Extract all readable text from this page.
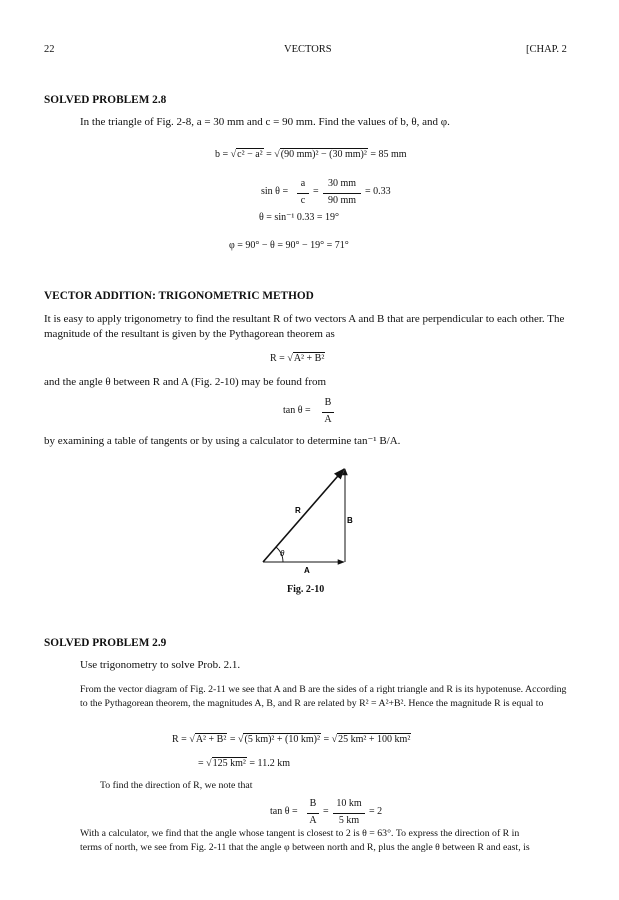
22	VECTORS	[CHAP. 2
SOLVED PROBLEM 2.8
In the triangle of Fig. 2-8, a = 30 mm and c = 90 mm. Find the values of b, θ, and φ.
b = √c² − a² = √(90 mm)² − (30 mm)² = 85 mm
sin θ =
a
c
=
30 mm
90 mm
= 0.33
θ = sin⁻¹ 0.33 = 19°
φ = 90° − θ = 90° − 19° = 71°
VECTOR ADDITION: TRIGONOMETRIC METHOD

It is easy to apply trigonometry to find the resultant R of two vectors A and B that are perpendicular to each other. The magnitude of the resultant is given by the Pythagorean theorem as

R = √A² + B²
and the angle θ between R and A (Fig. 2-10) may be found from
tan θ =
B
A
by examining a table of tangents or by using a calculator to determine tan⁻¹ B/A.
R
B
A
θ
Fig. 2-10
SOLVED PROBLEM 2.9
Use trigonometry to solve Prob. 2.1.

From the vector diagram of Fig. 2-11 we see that A and B are the sides of a right triangle and R is its hypotenuse. According to the Pythagorean theorem, the magnitudes A, B, and R are related by R² = A²+B². Hence the magnitude R is equal to

R = √A² + B² = √(5 km)² + (10 km)² = √25 km² + 100 km²
= √125 km² = 11.2 km
To find the direction of R, we note that
tan θ =
B
A
=
10 km
5 km
= 2
With a calculator, we find that the angle whose tangent is closest to 2 is θ = 63°. To express the direction of R in
terms of north, we see from Fig. 2-11 that the angle φ between north and R, plus the angle θ between R and east, is
